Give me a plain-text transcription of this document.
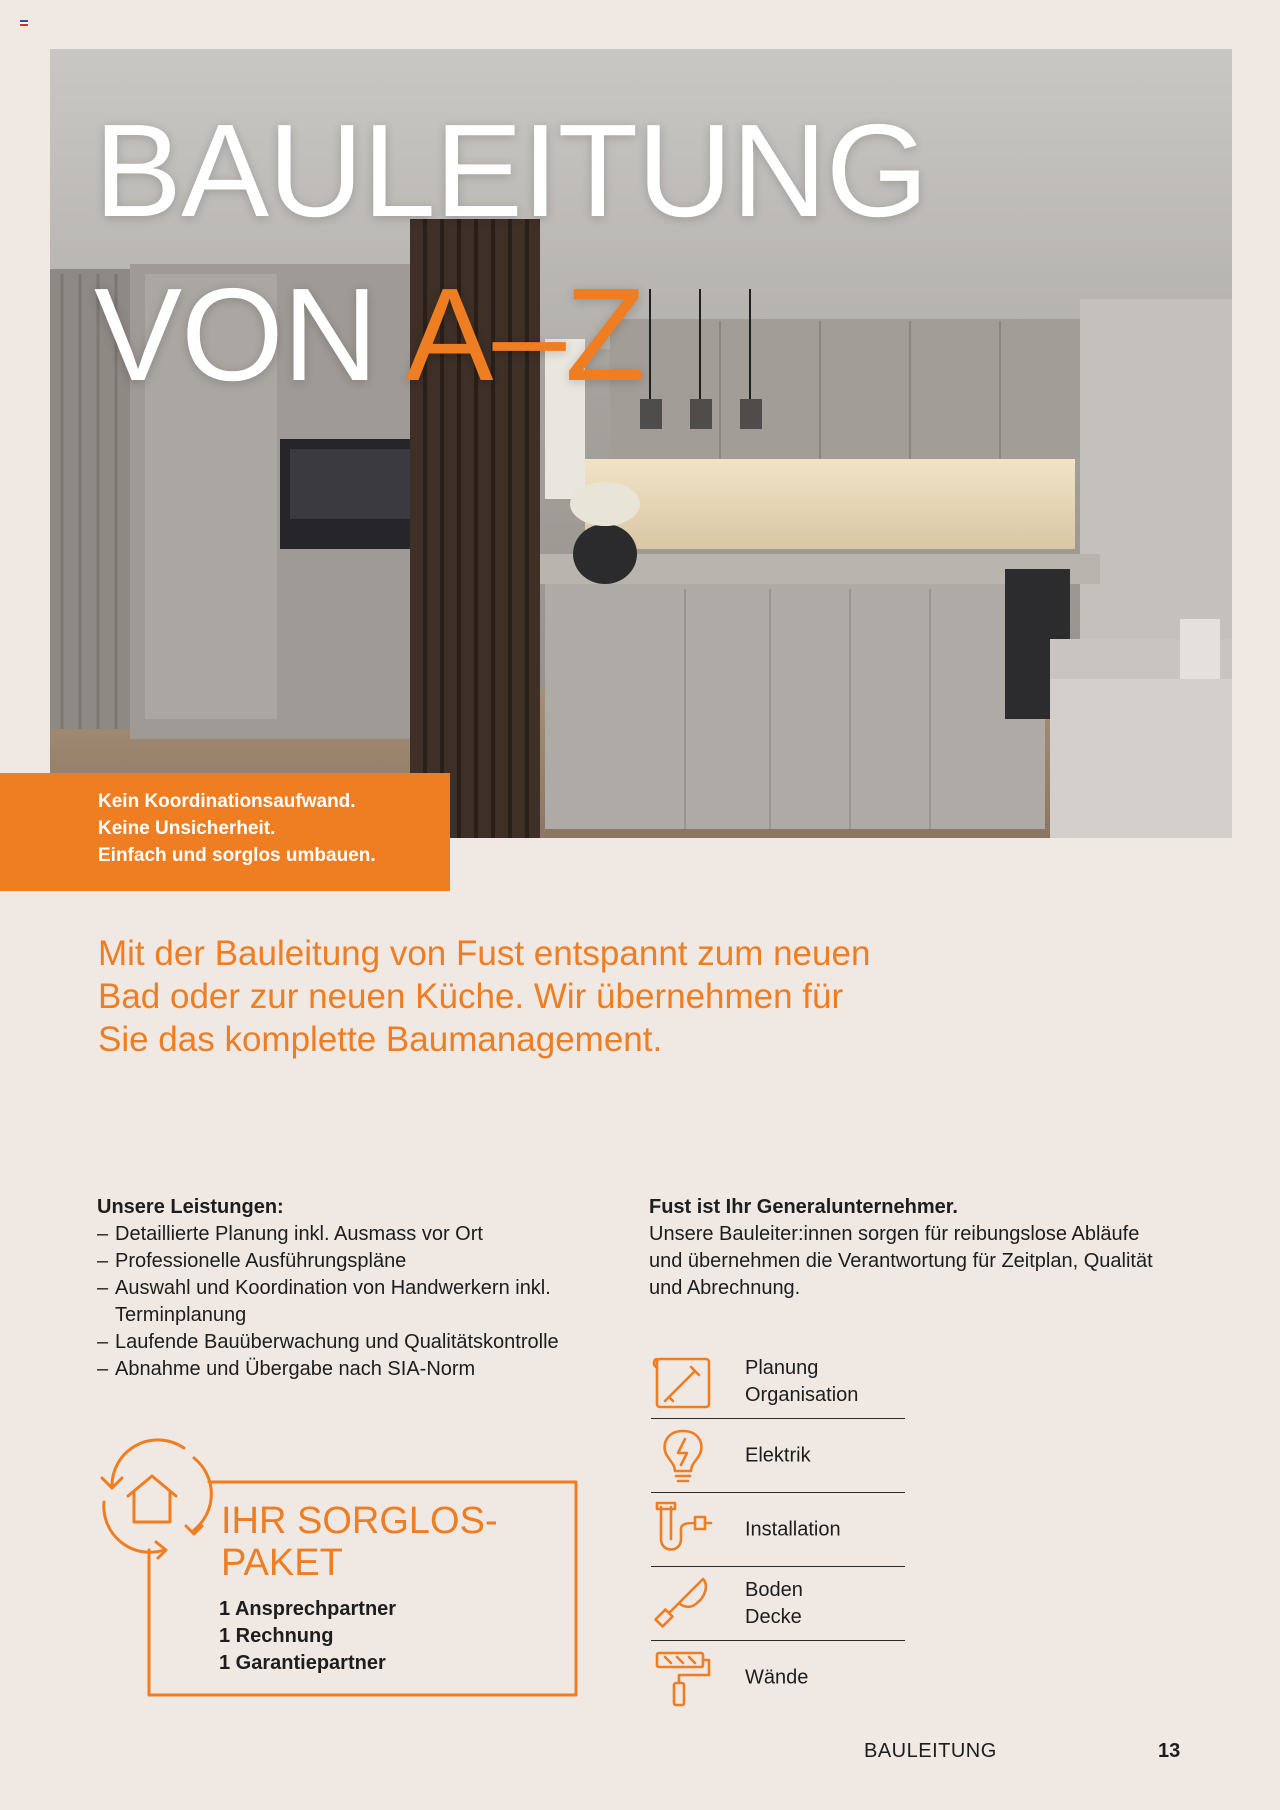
BAULEITUNG
VON A–Z
Kein Koordinationsaufwand.
Keine Unsicherheit.
Einfach und sorglos umbauen.

Mit der Bauleitung von Fust entspannt zum neuen Bad oder zur neuen Küche. Wir übernehmen für Sie das komplette Baumanagement.

Unsere Leistungen:
– Detaillierte Planung inkl. Ausmass vor Ort
– Professionelle Ausführungspläne
– Auswahl und Koordination von Handwerkern inkl. Terminplanung
– Laufende Bauüberwachung und Qualitätskontrolle
– Abnahme und Übergabe nach SIA-Norm
Fust ist Ihr Generalunternehmer.
Unsere Bauleiter:innen sorgen für reibungslose Abläufe und übernehmen die Verantwortung für Zeitplan, Qualität und Abrechnung.
IHR SORGLOS-
PAKET
1 Ansprechpartner
1 Rechnung
1 Garantiepartner
Planung
Organisation
Elektrik
Installation
Boden
Decke
Wände
BAULEITUNG	13
